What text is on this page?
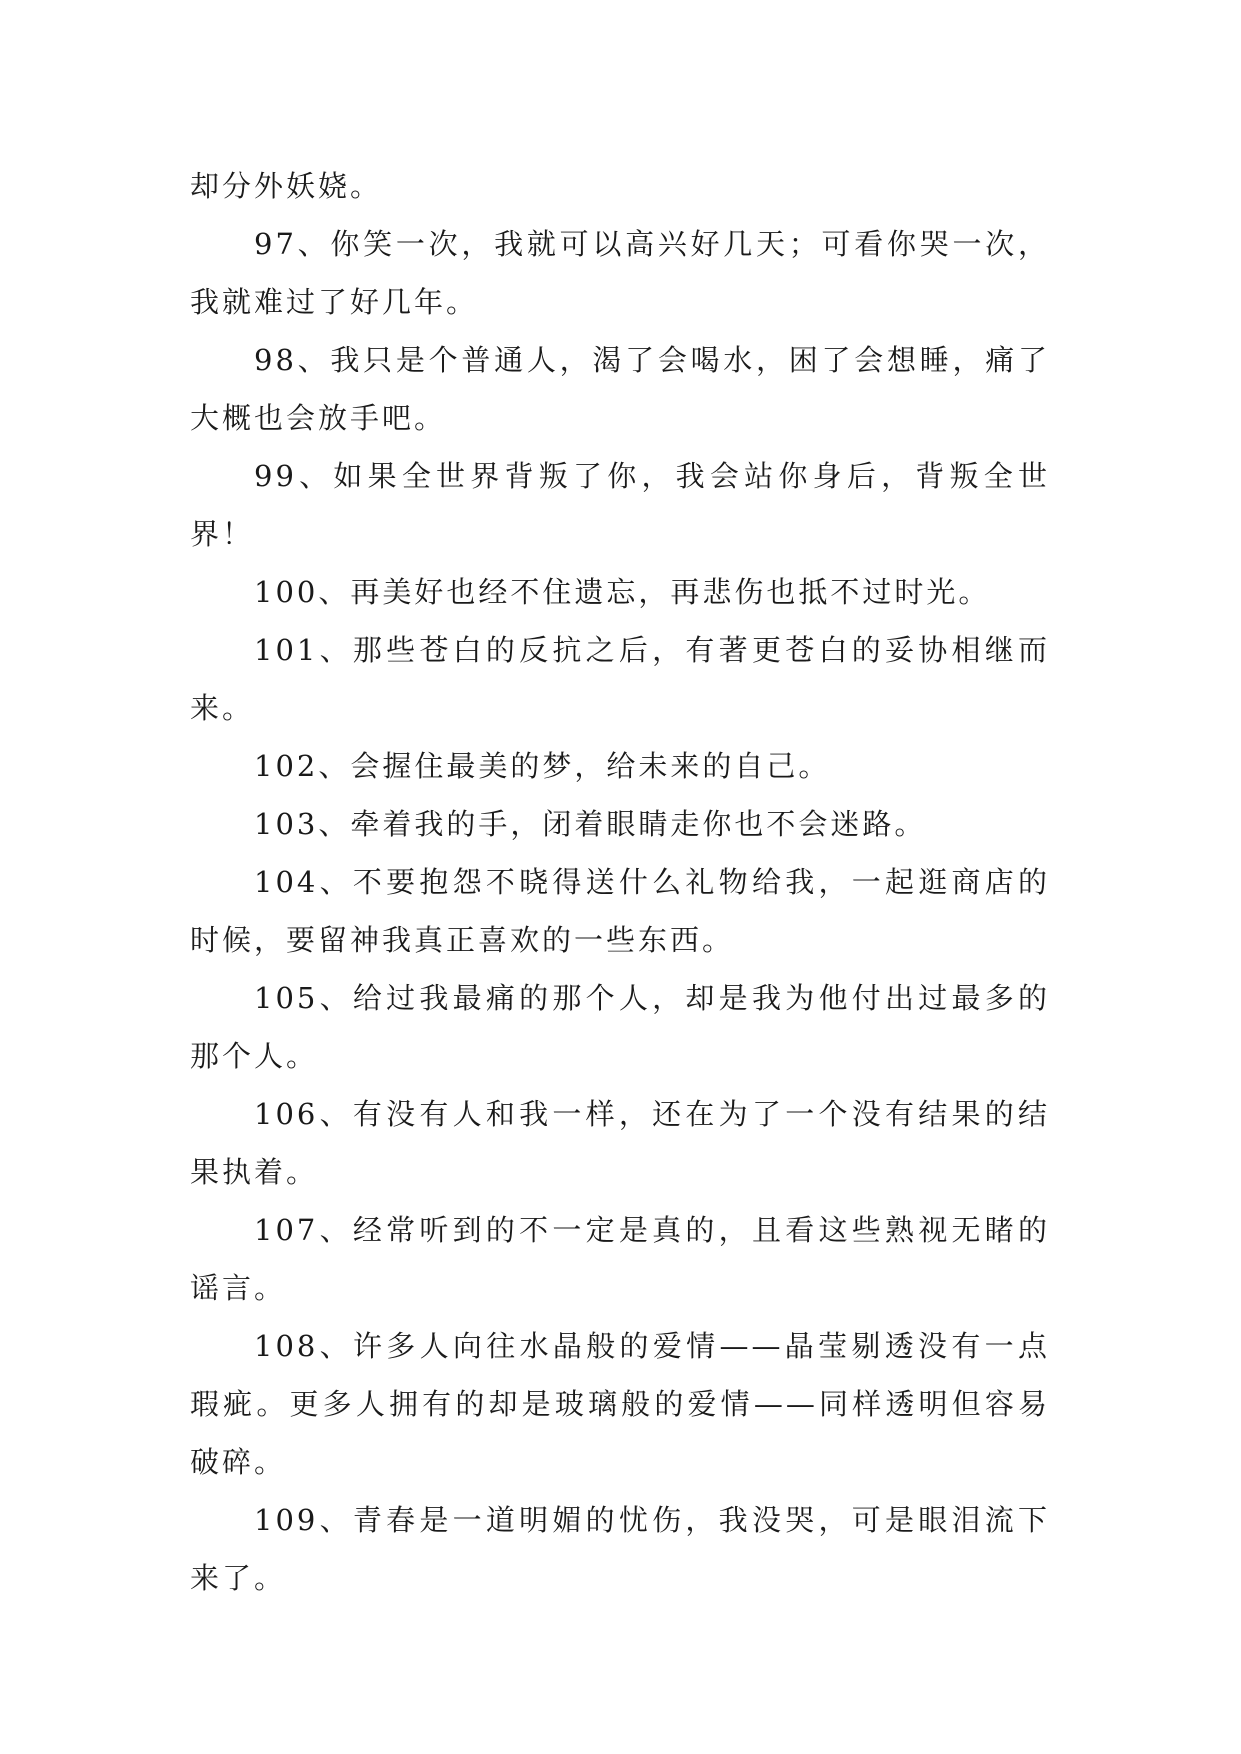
却分外妖娆。

97、你笑一次，我就可以高兴好几天；可看你哭一次，我就难过了好几年。

98、我只是个普通人，渴了会喝水，困了会想睡，痛了大概也会放手吧。

99、如果全世界背叛了你，我会站你身后，背叛全世界！

100、再美好也经不住遗忘，再悲伤也抵不过时光。

101、那些苍白的反抗之后，有著更苍白的妥协相继而来。

102、会握住最美的梦，给未来的自己。

103、牵着我的手，闭着眼睛走你也不会迷路。

104、不要抱怨不晓得送什么礼物给我，一起逛商店的时候，要留神我真正喜欢的一些东西。

105、给过我最痛的那个人，却是我为他付出过最多的那个人。

106、有没有人和我一样，还在为了一个没有结果的结果执着。

107、经常听到的不一定是真的，且看这些熟视无睹的谣言。

108、许多人向往水晶般的爱情——晶莹剔透没有一点瑕疵。更多人拥有的却是玻璃般的爱情——同样透明但容易破碎。

109、青春是一道明媚的忧伤，我没哭，可是眼泪流下来了。
